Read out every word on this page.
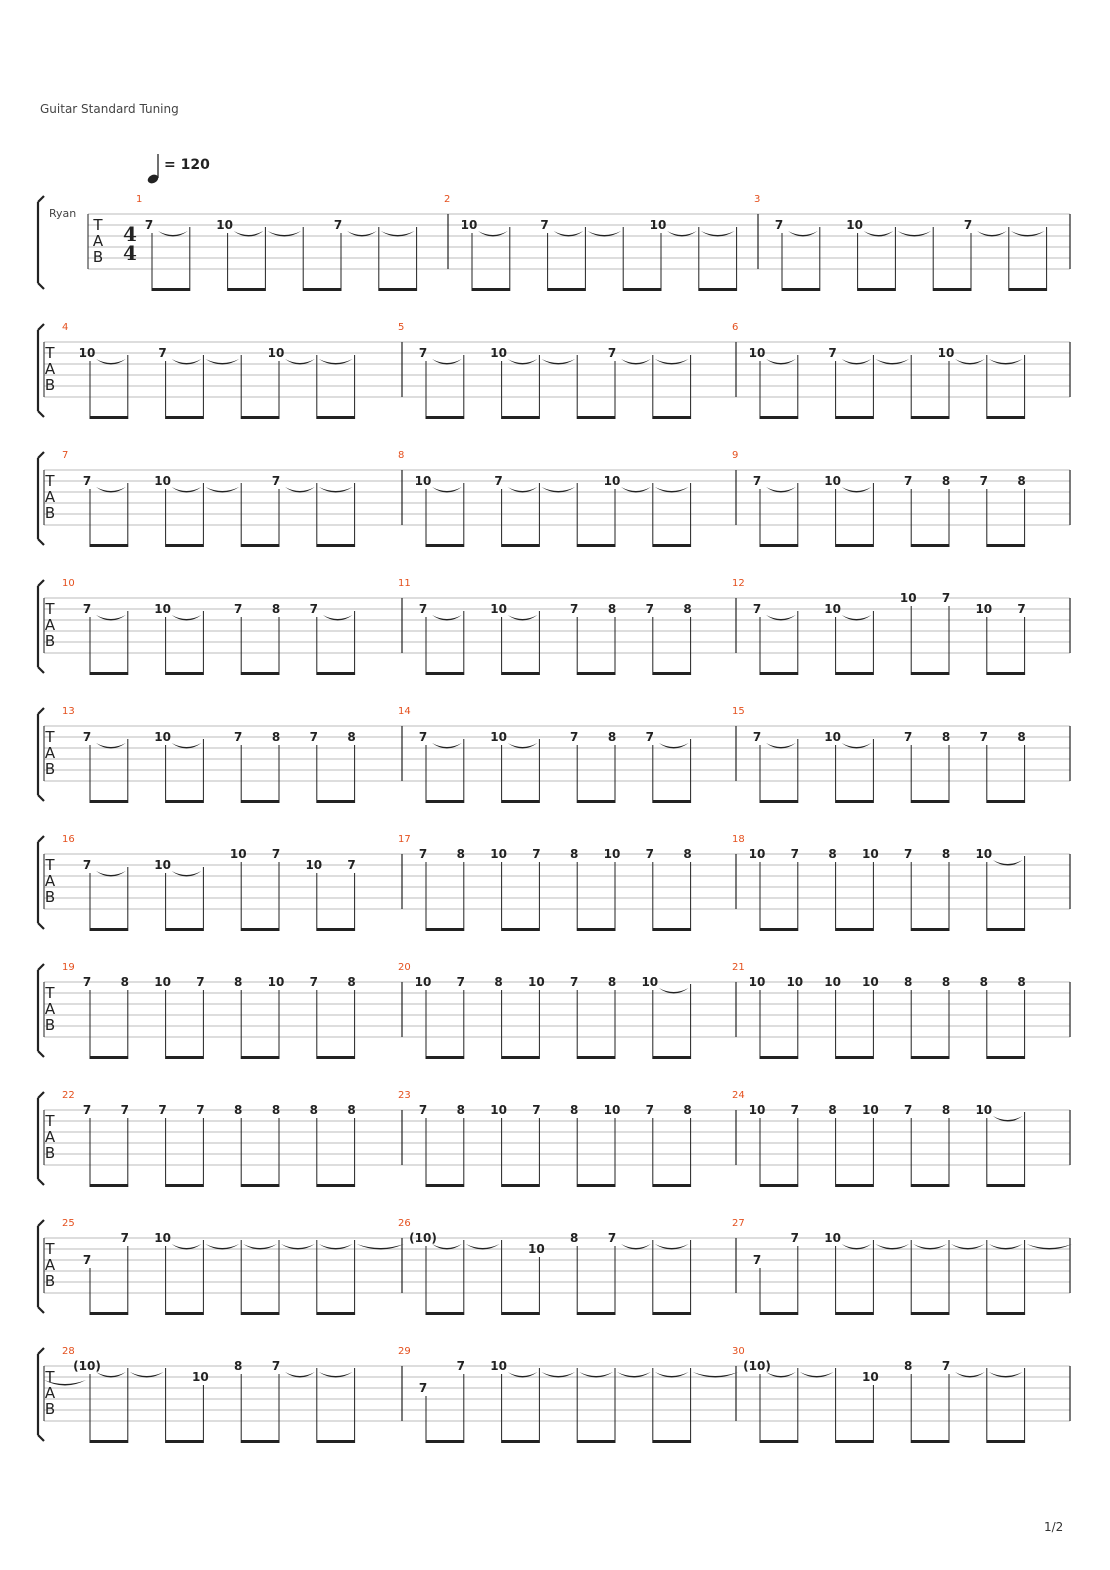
Guitar Standard Tuning
= 120
Ryan
T
A
B
4
4
1
7	10	7
2
10	7	10
3
7	10	7
T
A
B
4
10	7	10
5
7	10	7
6
10	7	10
T
A
B
7
7	10	7
8
10	7	10
9
7	10	7 8 7 8
T
A
B
10
7	10	7 8 7
11
7	10	7 8 7 8
12
7	10
10 7
10 7
T
A
B
13
7	10	7 8 7 8
14
7	10	7 8 7
15
7	10	7 8 7 8
T
A
B
16
7	10
10 7
10 7
17
7 8 10 7 8 10 7 8
18
10 7 8 10 7 8 10
T
A
B
19
7 8 10 7 8 10 7 8
20
10 7 8 10 7 8 10
21
10 10 10 10 8 8 8 8
T
A
B
22
7 7 7 7 8 8 8 8
23
7 8 10 7 8 10 7 8
24
10 7 8 10 7 8 10
T
A
B
25
7
7 10
26
(10)
10
8 7
27
7
7 10
T
A
B
28
(10)
10
8 7
29
7
7 10
30
(10)
10
8 7
1/2
